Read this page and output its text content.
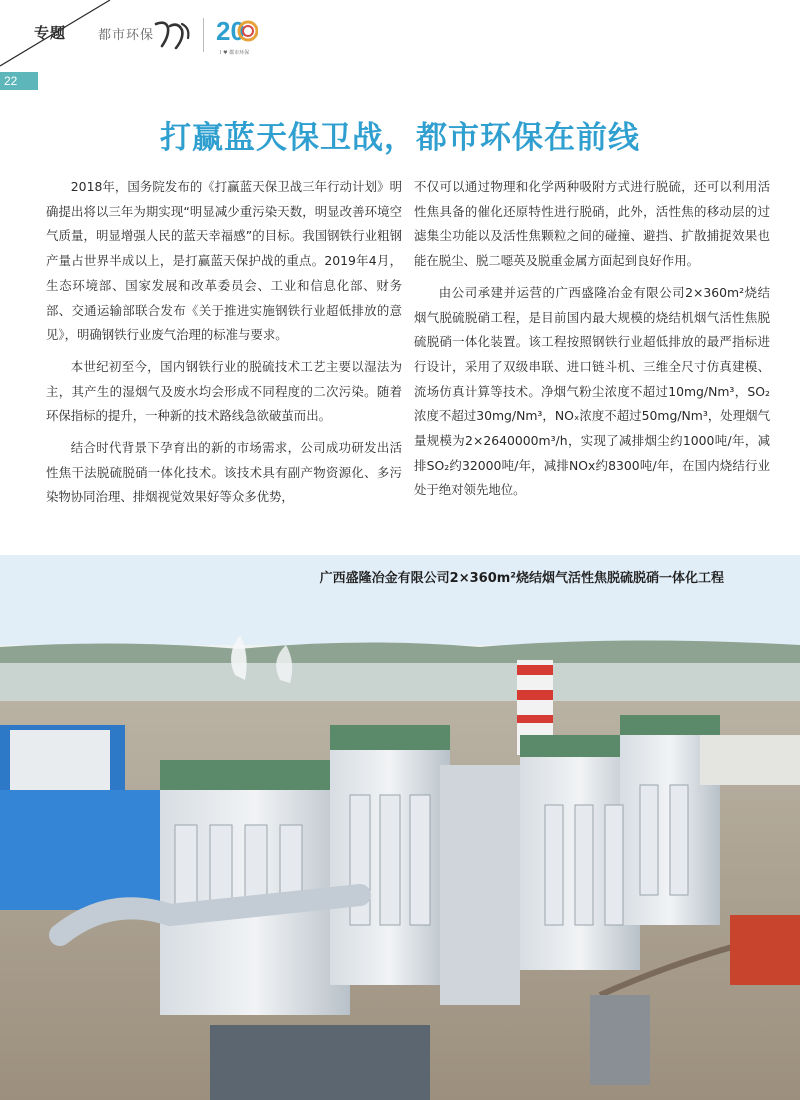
专题 都市环保 20
I ♥ 都市环保
22
打赢蓝天保卫战，都市环保在前线

2018年，国务院发布的《打赢蓝天保卫战三年行动计划》明确提出将以三年为期实现“明显减少重污染天数，明显改善环境空气质量，明显增强人民的蓝天幸福感”的目标。我国钢铁行业粗钢产量占世界半成以上，是打赢蓝天保护战的重点。2019年4月，生态环境部、国家发展和改革委员会、工业和信息化部、财务部、交通运输部联合发布《关于推进实施钢铁行业超低排放的意见》，明确钢铁行业废气治理的标准与要求。

本世纪初至今，国内钢铁行业的脱硫技术工艺主要以湿法为主，其产生的湿烟气及废水均会形成不同程度的二次污染。随着环保指标的提升，一种新的技术路线急欲破茧而出。

结合时代背景下孕育出的新的市场需求，公司成功研发出活性焦干法脱硫脱硝一体化技术。该技术具有副产物资源化、多污染物协同治理、排烟视觉效果好等众多优势，

不仅可以通过物理和化学两种吸附方式进行脱硫，还可以利用活性焦具备的催化还原特性进行脱硝，此外，活性焦的移动层的过滤集尘功能以及活性焦颗粒之间的碰撞、避挡、扩散捕捉效果也能在脱尘、脱二噁英及脱重金属方面起到良好作用。

由公司承建并运营的广西盛隆冶金有限公司2×360m²烧结烟气脱硫脱硝工程，是目前国内最大规模的烧结机烟气活性焦脱硫脱硝一体化装置。该工程按照钢铁行业超低排放的最严指标进行设计，采用了双级串联、进口链斗机、三维全尺寸仿真建模、流场仿真计算等技术。净烟气粉尘浓度不超过10mg/Nm³，SO₂浓度不超过30mg/Nm³，NOₓ浓度不超过50mg/Nm³，处理烟气量规模为2×2640000m³/h，实现了减排烟尘约1000吨/年，减排SO₂约32000吨/年，减排NOx约8300吨/年，在国内烧结行业处于绝对领先地位。

广西盛隆冶金有限公司2×360m²烧结烟气活性焦脱硫脱硝一体化工程
